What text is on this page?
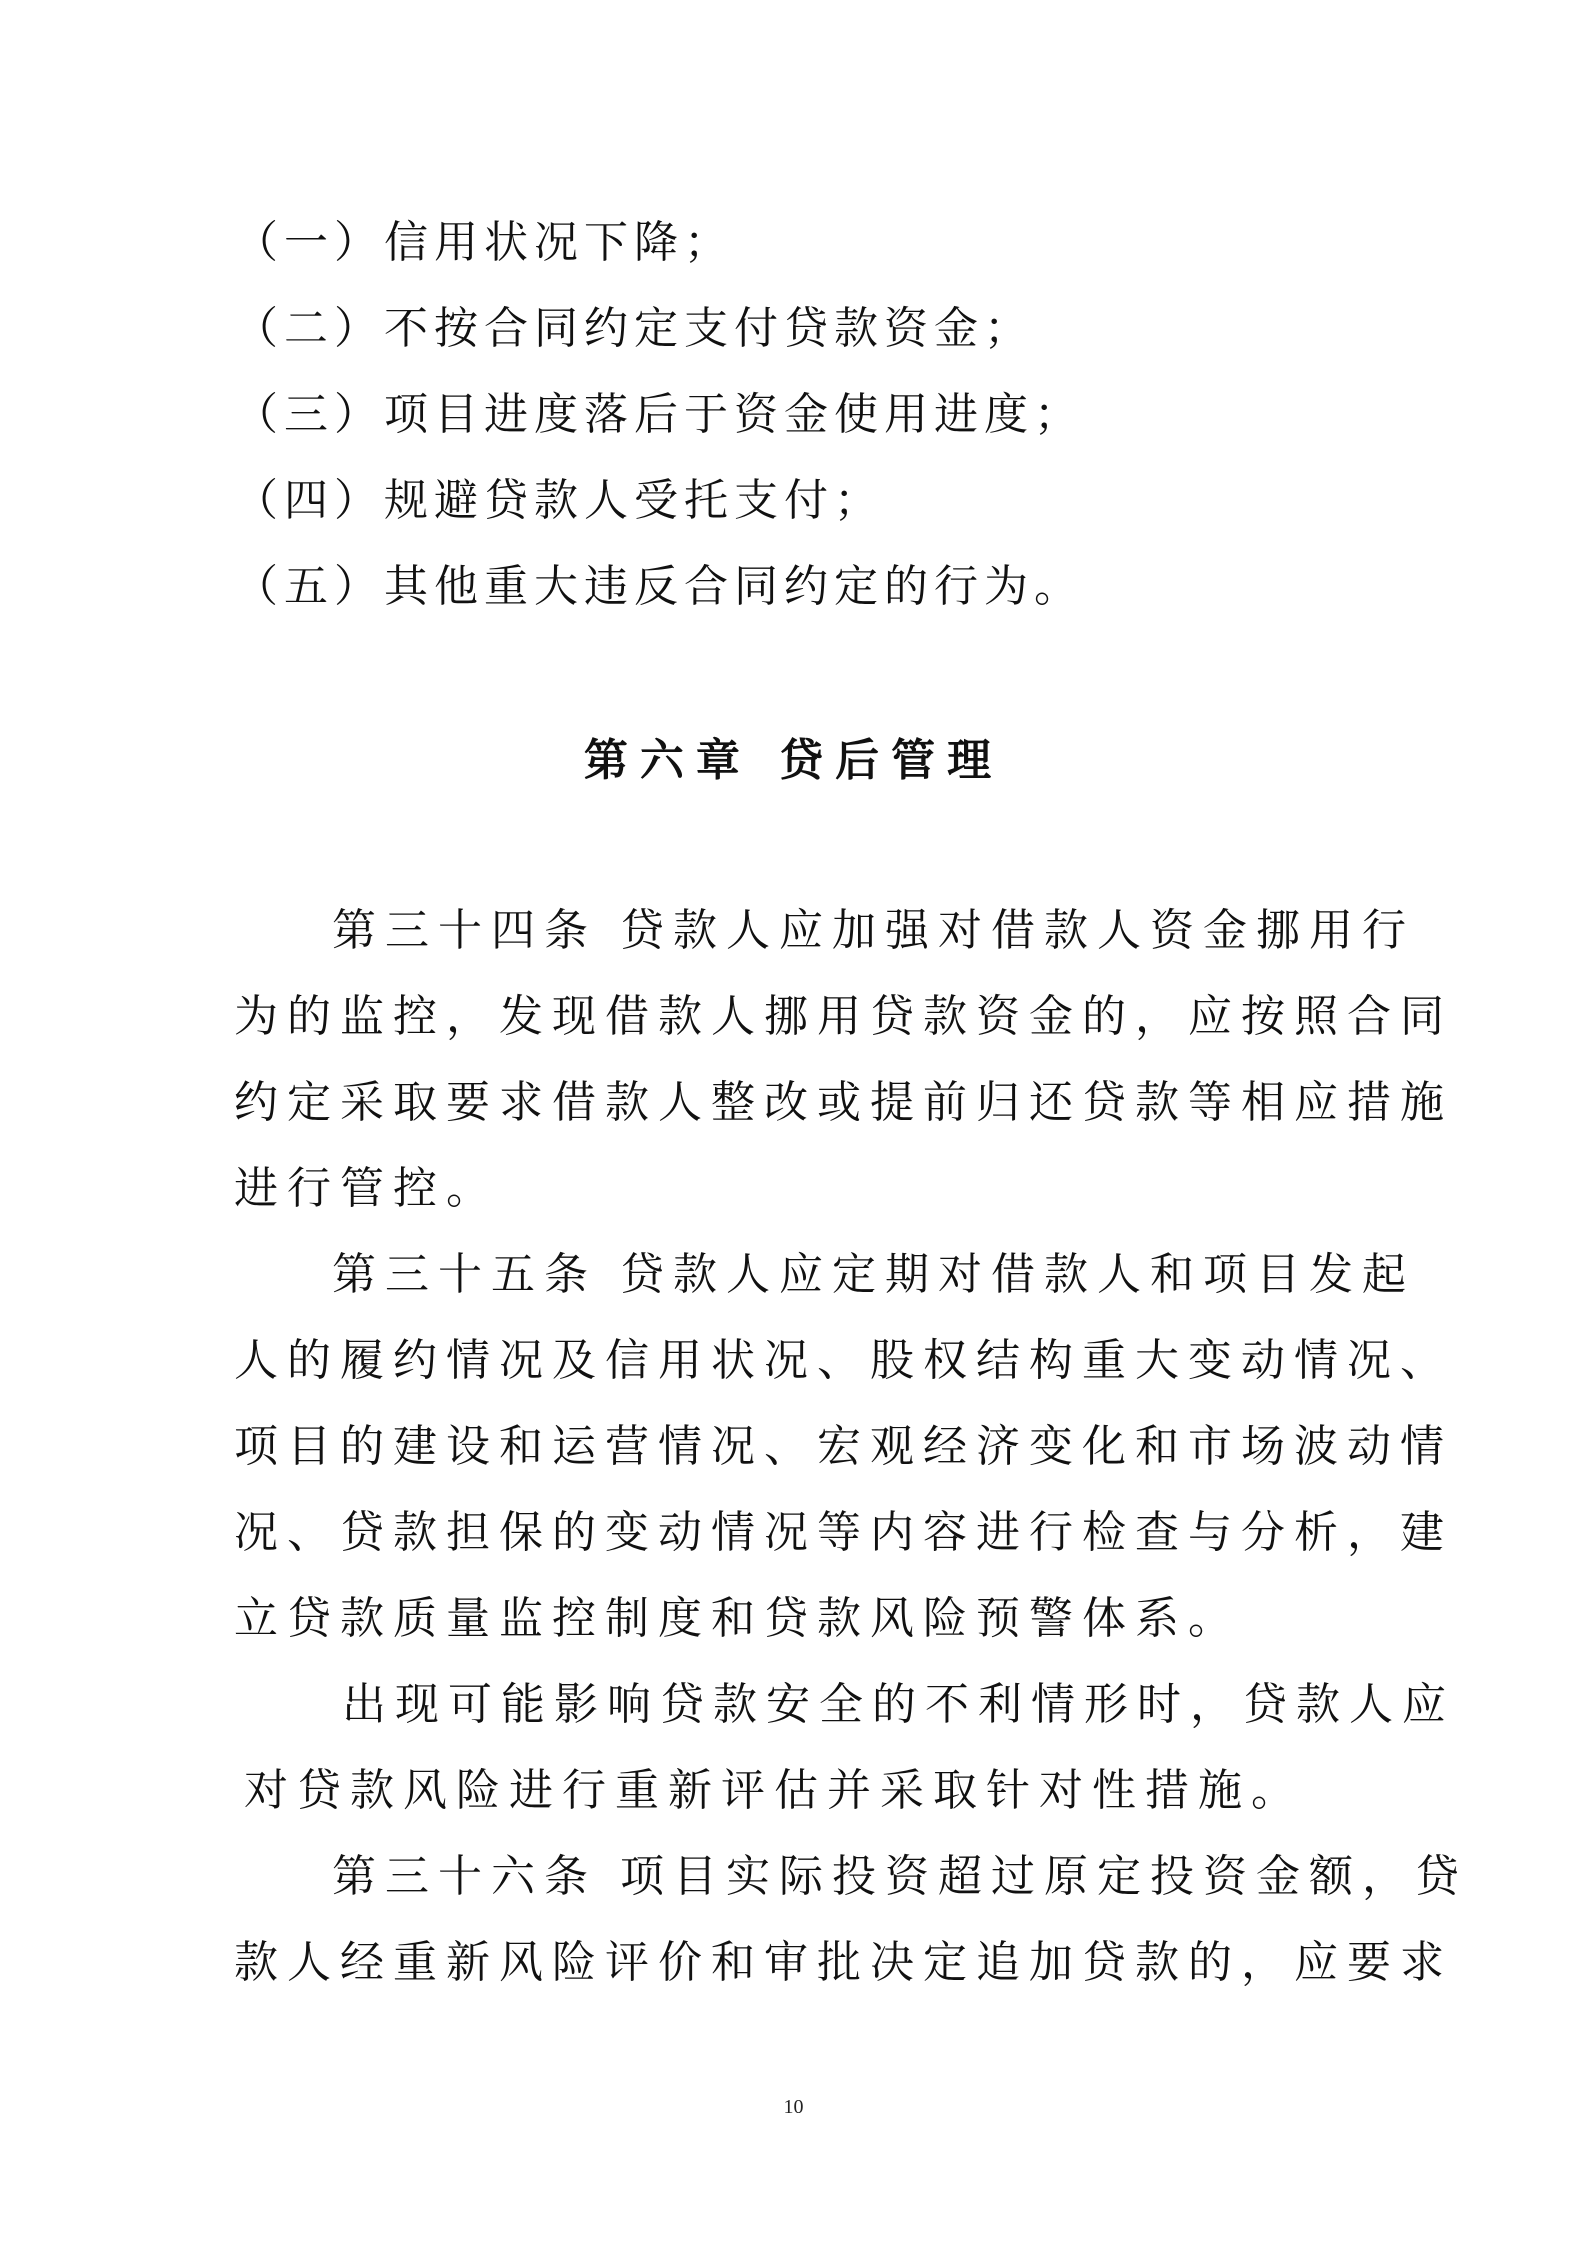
（一）信用状况下降；
（二）不按合同约定支付贷款资金；
（三）项目进度落后于资金使用进度；
（四）规避贷款人受托支付；
（五）其他重大违反合同约定的行为。
第六章 贷后管理
第三十四条 贷款人应加强对借款人资金挪用行
为的监控，发现借款人挪用贷款资金的，应按照合同
约定采取要求借款人整改或提前归还贷款等相应措施
进行管控。
第三十五条 贷款人应定期对借款人和项目发起
人的履约情况及信用状况、股权结构重大变动情况、
项目的建设和运营情况、宏观经济变化和市场波动情
况、贷款担保的变动情况等内容进行检查与分析，建
立贷款质量监控制度和贷款风险预警体系。
出现可能影响贷款安全的不利情形时，贷款人应
对贷款风险进行重新评估并采取针对性措施。
第三十六条 项目实际投资超过原定投资金额，贷
款人经重新风险评价和审批决定追加贷款的，应要求
10
